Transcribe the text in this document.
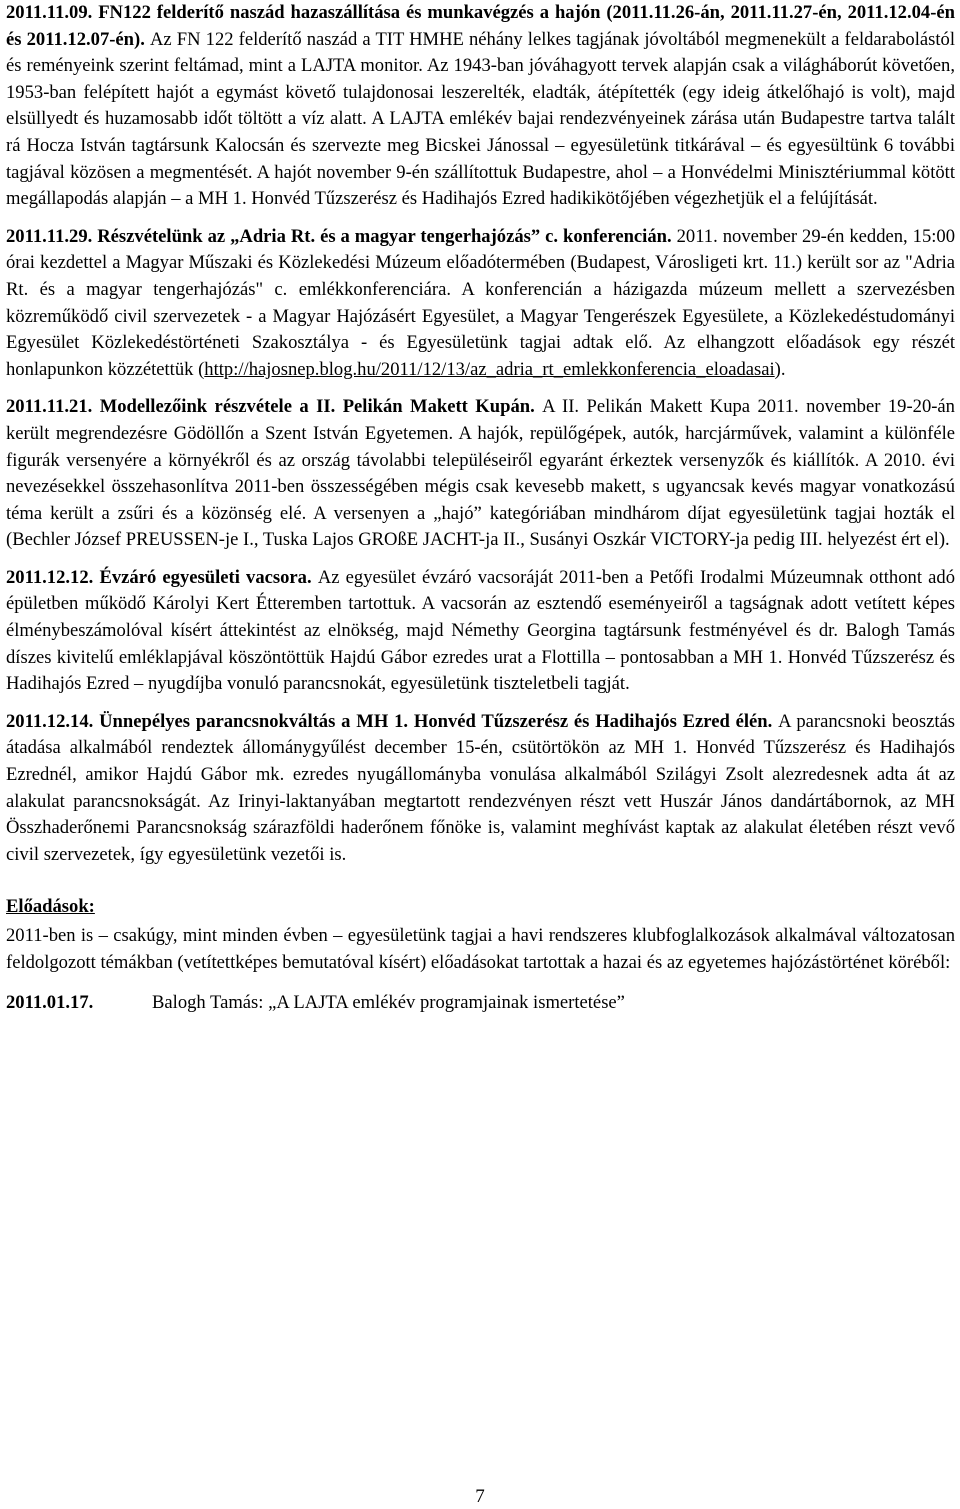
2011.11.09. FN122 felderítő naszád hazaszállítása és munkavégzés a hajón (2011.11.26-án, 2011.11.27-én, 2011.12.04-én és 2011.12.07-én). Az FN 122 felderítő naszád a TIT HMHE néhány lelkes tagjának jóvoltából megmenekült a feldarabolástól és reményeink szerint feltámad, mint a LAJTA monitor. Az 1943-ban jóváhagyott tervek alapján csak a világháborút követően, 1953-ban felépített hajót a egymást követő tulajdonosai leszerelték, eladták, átépítették (egy ideig átkelőhajó is volt), majd elsüllyedt és huzamosabb időt töltött a víz alatt. A LAJTA emlékév bajai rendezvényeinek zárása után Budapestre tartva talált rá Hocza István tagtársunk Kalocsán és szervezte meg Bicskei Jánossal – egyesületünk titkárával – és egyesültünk 6 további tagjával közösen a megmentését. A hajót november 9-én szállítottuk Budapestre, ahol – a Honvédelmi Minisztériummal kötött megállapodás alapján – a MH 1. Honvéd Tűzszerész és Hadihajós Ezred hadikikötőjében végezhetjük el a felújítását.

2011.11.29. Részvételünk az „Adria Rt. és a magyar tengerhajózás” c. konferencián. 2011. november 29-én kedden, 15:00 órai kezdettel a Magyar Műszaki és Közlekedési Múzeum előadótermében (Budapest, Városligeti krt. 11.) került sor az "Adria Rt. és a magyar tengerhajózás" c. emlékkonferenciára. A konferencián a házigazda múzeum mellett a szervezésben közreműködő civil szervezetek - a Magyar Hajózásért Egyesület, a Magyar Tengerészek Egyesülete, a Közlekedéstudományi Egyesület Közlekedéstörténeti Szakosztálya - és Egyesületünk tagjai adtak elő. Az elhangzott előadások egy részét honlapunkon közzétettük (http://hajosnep.blog.hu/2011/12/13/az_adria_rt_emlekkonferencia_eloadasai).

2011.11.21. Modellezőink részvétele a II. Pelikán Makett Kupán. A II. Pelikán Makett Kupa 2011. november 19-20-án került megrendezésre Gödöllőn a Szent István Egyetemen. A hajók, repülőgépek, autók, harcjárművek, valamint a különféle figurák versenyére a környékről és az ország távolabbi településeiről egyaránt érkeztek versenyzők és kiállítók. A 2010. évi nevezésekkel összehasonlítva 2011-ben összességében mégis csak kevesebb makett, s ugyancsak kevés magyar vonatkozású téma került a zsűri és a közönség elé. A versenyen a „hajó” kategóriában mindhárom díjat egyesületünk tagjai hozták el (Bechler József PREUSSEN-je I., Tuska Lajos GROßE JACHT-ja II., Susányi Oszkár VICTORY-ja pedig III. helyezést ért el).

2011.12.12. Évzáró egyesületi vacsora. Az egyesület évzáró vacsoráját 2011-ben a Petőfi Irodalmi Múzeumnak otthont adó épületben működő Károlyi Kert Étteremben tartottuk. A vacsorán az esztendő eseményeiről a tagságnak adott vetített képes élménybeszámolóval kísért áttekintést az elnökség, majd Némethy Georgina tagtársunk festményével és dr. Balogh Tamás díszes kivitelű emléklapjával köszöntöttük Hajdú Gábor ezredes urat a Flottilla – pontosabban a MH 1. Honvéd Tűzszerész és Hadihajós Ezred – nyugdíjba vonuló parancsnokát, egyesületünk tiszteletbeli tagját.

2011.12.14. Ünnepélyes parancsnokváltás a MH 1. Honvéd Tűzszerész és Hadihajós Ezred élén. A parancsnoki beosztás átadása alkalmából rendeztek állománygyűlést december 15-én, csütörtökön az MH 1. Honvéd Tűzszerész és Hadihajós Ezrednél, amikor Hajdú Gábor mk. ezredes nyugállományba vonulása alkalmából Szilágyi Zsolt alezredesnek adta át az alakulat parancsnokságát. Az Irinyi-laktanyában megtartott rendezvényen részt vett Huszár János dandártábornok, az MH Összhaderőnemi Parancsnokság szárazföldi haderőnem főnöke is, valamint meghívást kaptak az alakulat életében részt vevő civil szervezetek, így egyesületünk vezetői is.

Előadások:

2011-ben is – csakúgy, mint minden évben – egyesületünk tagjai a havi rendszeres klubfoglalkozások alkalmával változatosan feldolgozott témákban (vetítettképes bemutatóval kísért) előadásokat tartottak a hazai és az egyetemes hajózástörténet köréből:

2011.01.17.	Balogh Tamás: „A LAJTA emlékév programjainak ismertetése”
7
